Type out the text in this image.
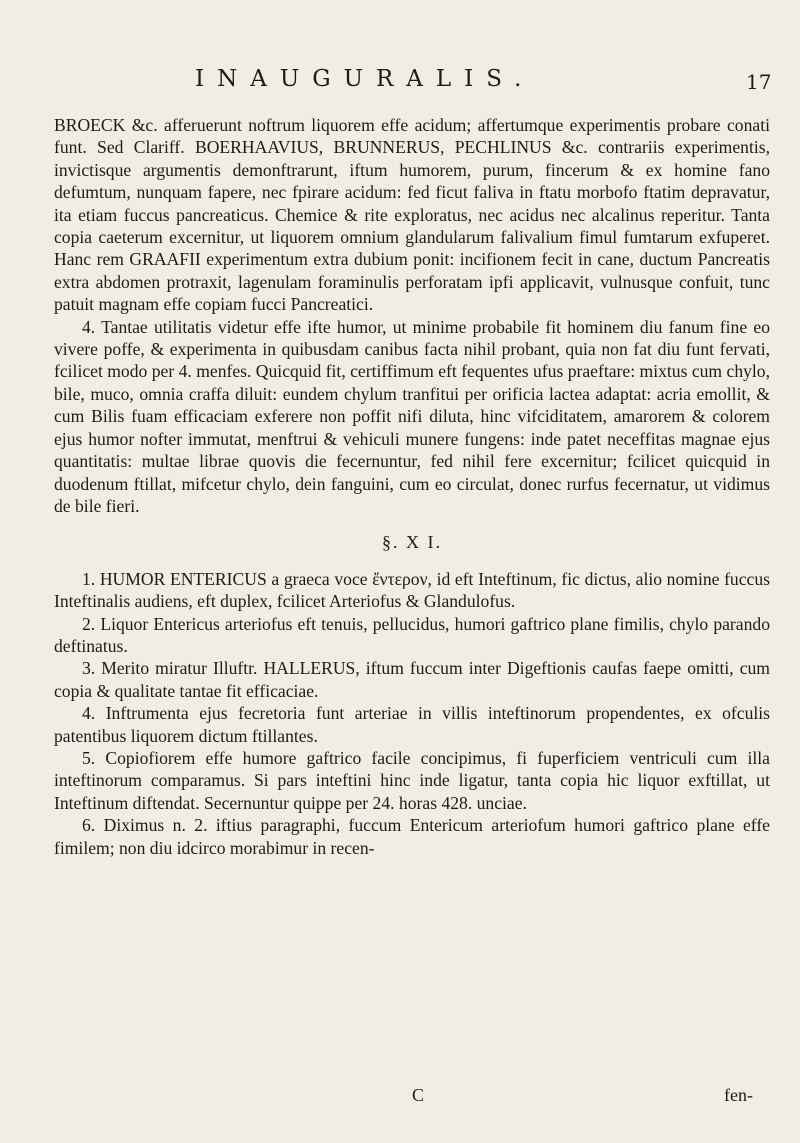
INAUGURALIS.	17

BROECK &c. afferuerunt noftrum liquorem effe acidum; affertumque experimentis probare conati funt. Sed Clariff. BOERHAAVIUS, BRUNNERUS, PECHLINUS &c. contrariis experimentis, invictisque argumentis demonftrarunt, iftum humorem, purum, fincerum & ex homine fano defumtum, nunquam fapere, nec fpirare acidum: fed ficut faliva in ftatu morbofo ftatim depravatur, ita etiam fuccus pancreaticus. Chemice & rite exploratus, nec acidus nec alcalinus reperitur. Tanta copia caeterum excernitur, ut liquorem omnium glandularum falivalium fimul fumtarum exfuperet. Hanc rem GRAAFII experimentum extra dubium ponit: incifionem fecit in cane, ductum Pancreatis extra abdomen protraxit, lagenulam foraminulis perforatam ipfi applicavit, vulnusque confuit, tunc patuit magnam effe copiam fucci Pancreatici.

4. Tantae utilitatis videtur effe ifte humor, ut minime probabile fit hominem diu fanum fine eo vivere poffe, & experimenta in quibusdam canibus facta nihil probant, quia non fat diu funt fervati, fcilicet modo per 4. menfes. Quicquid fit, certiffimum eft fequentes ufus praeftare: mixtus cum chylo, bile, muco, omnia craffa diluit: eundem chylum tranfitui per orificia lactea adaptat: acria emollit, & cum Bilis fuam efficaciam exferere non poffit nifi diluta, hinc vifciditatem, amarorem & colorem ejus humor nofter immutat, menftrui & vehiculi munere fungens: inde patet neceffitas magnae ejus quantitatis: multae librae quovis die fecernuntur, fed nihil fere excernitur; fcilicet quicquid in duodenum ftillat, mifcetur chylo, dein fanguini, cum eo circulat, donec rurfus fecernatur, ut vidimus de bile fieri.

§. X I.

1. HUMOR ENTERICUS a graeca voce ἔντερον, id eft Inteftinum, fic dictus, alio nomine fuccus Inteftinalis audiens, eft duplex, fcilicet Arteriofus & Glandulofus.

2. Liquor Entericus arteriofus eft tenuis, pellucidus, humori gaftrico plane fimilis, chylo parando deftinatus.

3. Merito miratur Illuftr. HALLERUS, iftum fuccum inter Digeftionis caufas faepe omitti, cum copia & qualitate tantae fit efficaciae.

4. Inftrumenta ejus fecretoria funt arteriae in villis inteftinorum propendentes, ex ofculis patentibus liquorem dictum ftillantes.

5. Copiofiorem effe humore gaftrico facile concipimus, fi fuperficiem ventriculi cum illa inteftinorum comparamus. Si pars inteftini hinc inde ligatur, tanta copia hic liquor exftillat, ut Inteftinum diftendat. Secernuntur quippe per 24. horas 428. unciae.

6. Diximus n. 2. iftius paragraphi, fuccum Entericum arteriofum humori gaftrico plane effe fimilem; non diu idcirco morabimur in recen-

C	fen-
